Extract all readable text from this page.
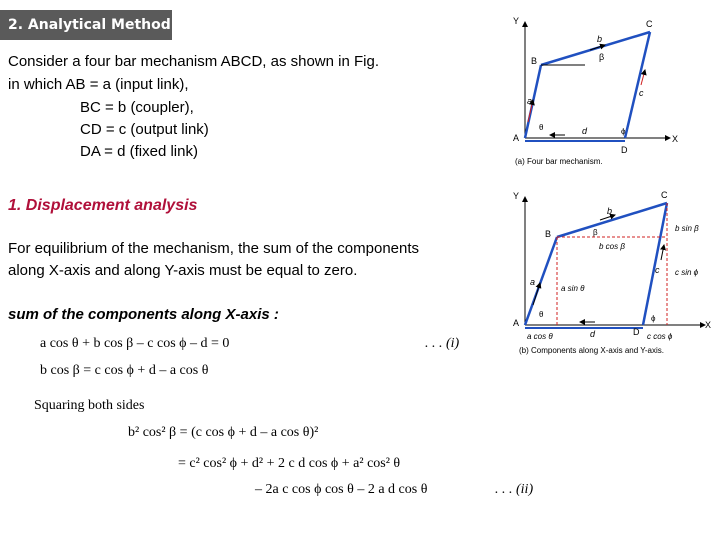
2. Analytical Method
Consider a four bar mechanism ABCD, as shown in Fig.
in which AB = a (input link),
BC = b (coupler),
CD = c (output link)
DA = d (fixed link)
1. Displacement analysis
For equilibrium of the mechanism, the sum of the components
along X-axis and along Y-axis must be equal to zero.
sum of the components along X-axis :
a cos θ + b cos β – c cos ϕ – d = 0	. . . (i)
b cos β = c cos ϕ + d – a cos θ
Squaring both sides
b² cos² β = (c cos ϕ + d – a cos θ)²
= c² cos² ϕ + d² + 2 c d cos ϕ + a² cos² θ
– 2a c cos ϕ cos θ – 2 a d cos θ	. . . (ii)
Y
X
A
B
C
D
a
b
c
d
β
θ	ϕ
(a) Four bar mechanism.
Y
X
A
B
C
D
a
b
c
d
β
θ	ϕ
b sin β
b cos β
a sin θ
c sin ϕ
a cos θ	c cos ϕ
(b) Components along X-axis and Y-axis.
